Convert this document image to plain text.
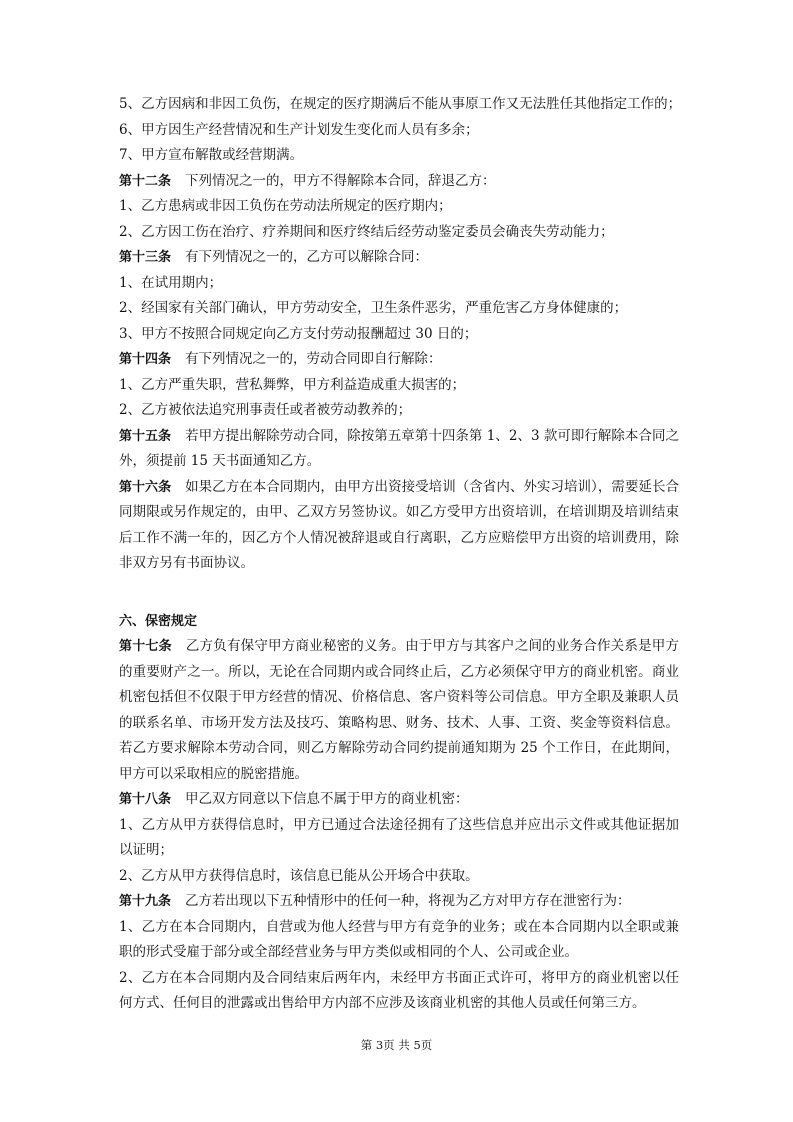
5、乙方因病和非因工负伤，在规定的医疗期满后不能从事原工作又无法胜任其他指定工作的；
6、甲方因生产经营情况和生产计划发生变化而人员有多余；
7、甲方宣布解散或经营期满。
第十二条 下列情况之一的，甲方不得解除本合同，辞退乙方：
1、乙方患病或非因工负伤在劳动法所规定的医疗期内；
2、乙方因工伤在治疗、疗养期间和医疗终结后经劳动鉴定委员会确丧失劳动能力；
第十三条 有下列情况之一的，乙方可以解除合同：
1、在试用期内；
2、经国家有关部门确认，甲方劳动安全，卫生条件恶劣，严重危害乙方身体健康的；
3、甲方不按照合同规定向乙方支付劳动报酬超过 30 日的；
第十四条 有下列情况之一的，劳动合同即自行解除：
1、乙方严重失职，营私舞弊，甲方利益造成重大损害的；
2、乙方被依法追究刑事责任或者被劳动教养的；
第十五条 若甲方提出解除劳动合同，除按第五章第十四条第 1、2、3 款可即行解除本合同之外，须提前 15 天书面通知乙方。
第十六条 如果乙方在本合同期内，由甲方出资接受培训（含省内、外实习培训），需要延长合同期限或另作规定的，由甲、乙双方另签协议。如乙方受甲方出资培训，在培训期及培训结束后工作不满一年的，因乙方个人情况被辞退或自行离职，乙方应赔偿甲方出资的培训费用，除非双方另有书面协议。
六、保密规定
第十七条 乙方负有保守甲方商业秘密的义务。由于甲方与其客户之间的业务合作关系是甲方的重要财产之一。所以，无论在合同期内或合同终止后，乙方必须保守甲方的商业机密。商业机密包括但不仅限于甲方经营的情况、价格信息、客户资料等公司信息。甲方全职及兼职人员的联系名单、市场开发方法及技巧、策略构思、财务、技术、人事、工资、奖金等资料信息。若乙方要求解除本劳动合同，则乙方解除劳动合同约提前通知期为 25 个工作日，在此期间，甲方可以采取相应的脱密措施。
第十八条 甲乙双方同意以下信息不属于甲方的商业机密：
1、乙方从甲方获得信息时，甲方已通过合法途径拥有了这些信息并应出示文件或其他证据加以证明；
2、乙方从甲方获得信息时，该信息已能从公开场合中获取。
第十九条 乙方若出现以下五种情形中的任何一种，将视为乙方对甲方存在泄密行为：
1、乙方在本合同期内，自营或为他人经营与甲方有竞争的业务；或在本合同期内以全职或兼职的形式受雇于部分或全部经营业务与甲方类似或相同的个人、公司或企业。
2、乙方在本合同期内及合同结束后两年内，未经甲方书面正式许可，将甲方的商业机密以任何方式、任何目的泄露或出售给甲方内部不应涉及该商业机密的其他人员或任何第三方。
第 3页 共 5页
